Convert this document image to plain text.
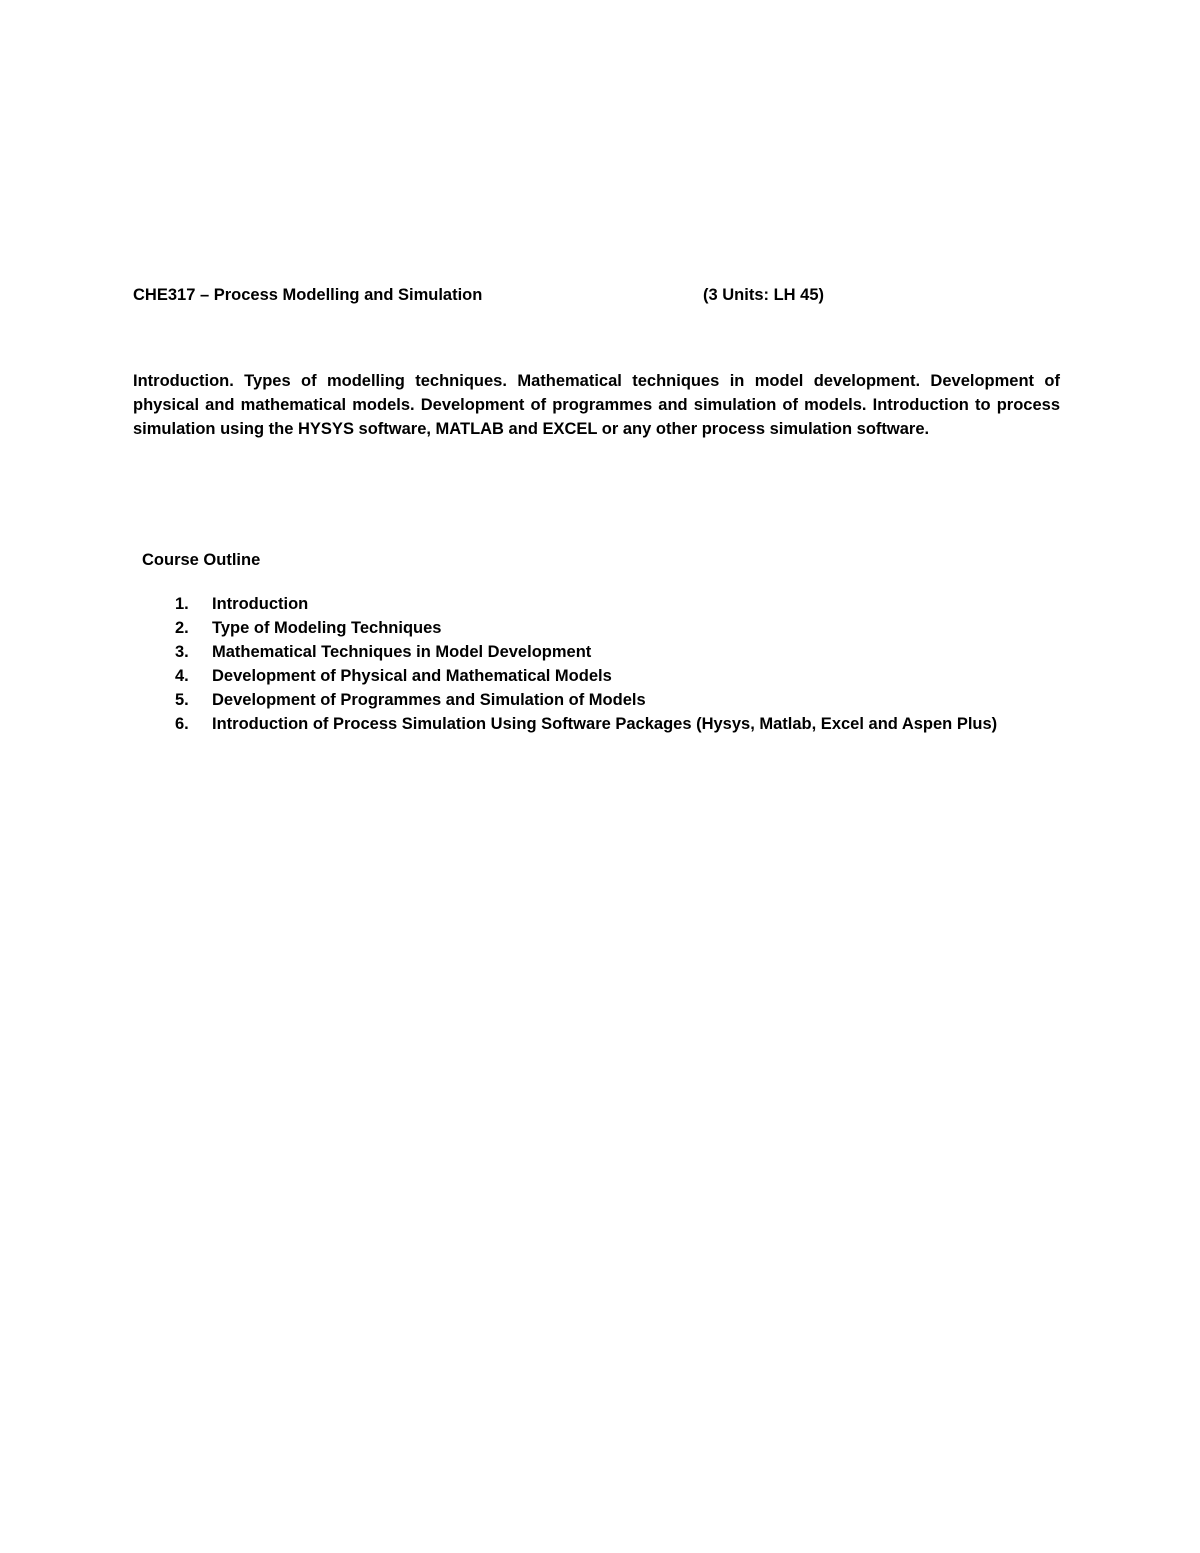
CHE317 – Process Modelling and Simulation	(3 Units: LH 45)

Introduction. Types of modelling techniques. Mathematical techniques in model development. Development of physical and mathematical models. Development of programmes and simulation of models. Introduction to process simulation using the HYSYS software, MATLAB and EXCEL or any other process simulation software.

Course Outline
1.	Introduction
2.	Type of Modeling Techniques
3.	Mathematical Techniques in Model Development
4.	Development of Physical and Mathematical Models
5.	Development of Programmes and Simulation of Models
6.	Introduction of Process Simulation Using Software Packages (Hysys, Matlab, Excel and Aspen Plus)
